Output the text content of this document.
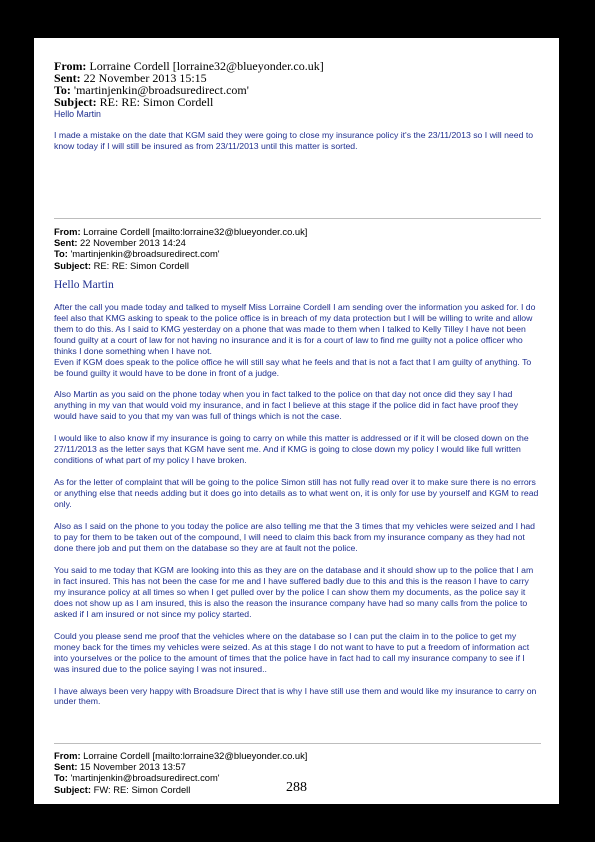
From: Lorraine Cordell [lorraine32@blueyonder.co.uk]
Sent: 22 November 2013 15:15
To: 'martinjenkin@broadsuredirect.com'
Subject: RE: RE: Simon Cordell
Hello Martin
I made a mistake on the date that KGM said they were going to close my insurance policy it's the 23/11/2013 so I will need to know today if I will still be insured as from 23/11/2013 until this matter is sorted.
From: Lorraine Cordell [mailto:lorraine32@blueyonder.co.uk]
Sent: 22 November 2013 14:24
To: 'martinjenkin@broadsuredirect.com'
Subject: RE: RE: Simon Cordell
Hello Martin

After the call you made today and talked to myself Miss Lorraine Cordell I am sending over the information you asked for. I do feel also that KMG asking to speak to the police office is in breach of my data protection but I will be willing to write and allow them to do this. As I said to KMG yesterday on a phone that was made to them when I talked to Kelly Tilley I have not been found guilty at a court of law for not having no insurance and it is for a court of law to find me guilty not a police officer who thinks I done something when I have not.
Even if KGM does speak to the police office he will still say what he feels and that is not a fact that I am guilty of anything. To be found guilty it would have to be done in front of a judge.

Also Martin as you said on the phone today when you in fact talked to the police on that day not once did they say I had anything in my van that would void my insurance, and in fact I believe at this stage if the police did in fact have proof they would have said to you that my van was full of things which is not the case.

I would like to also know if my insurance is going to carry on while this matter is addressed or if it will be closed down on the 27/11/2013 as the letter says that KGM have sent me. And if KMG is going to close down my policy I would like full written conditions of what part of my policy I have broken.

As for the letter of complaint that will be going to the police Simon still has not fully read over it to make sure there is no errors or anything else that needs adding but it does go into details as to what went on, it is only for use by yourself and KGM to read only.

Also as I said on the phone to you today the police are also telling me that the 3 times that my vehicles were seized and I had to pay for them to be taken out of the compound, I will need to claim this back from my insurance company as they had not done there job and put them on the database so they are at fault not the police.

You said to me today that KGM are looking into this as they are on the database and it should show up to the police that I am in fact insured. This has not been the case for me and I have suffered badly due to this and this is the reason I have to carry my insurance policy at all times so when I get pulled over by the police I can show them my documents, as the police say it does not show up as I am insured, this is also the reason the insurance company have had so many calls from the police to asked if I am insured or not since my policy started.

Could you please send me proof that the vehicles where on the database so I can put the claim in to the police to get my money back for the times my vehicles were seized. As at this stage I do not want to have to put a freedom of information act into yourselves or the police to the amount of times that the police have in fact had to call my insurance company to see if I was insured due to the police saying I was not insured..

I have always been very happy with Broadsure Direct that is why I have still use them and would like my insurance to carry on under them.

From: Lorraine Cordell [mailto:lorraine32@blueyonder.co.uk]
Sent: 15 November 2013 13:57
To: 'martinjenkin@broadsuredirect.com'
Subject: FW: RE: Simon Cordell	288
